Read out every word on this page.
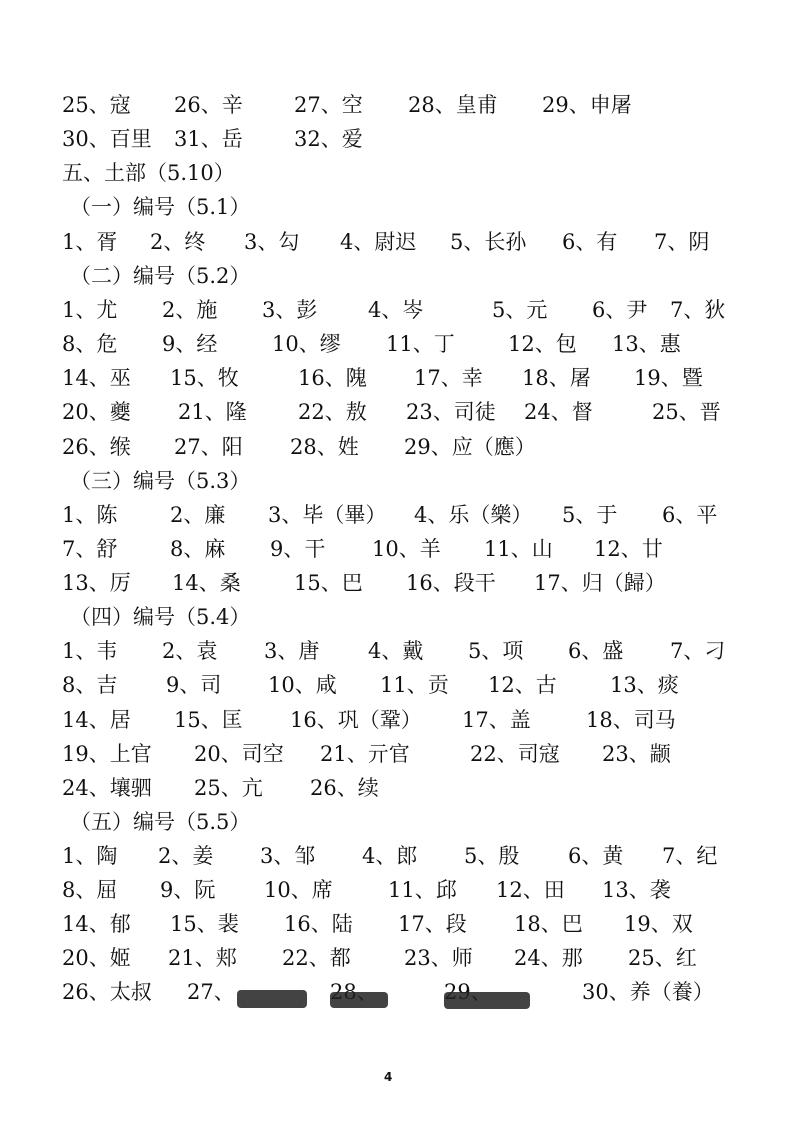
25、寇 26、辛 27、空 28、皇甫 29、申屠
30、百里 31、岳 32、爱
五、土部（5.10）
（一）编号（5.1）
1、胥 2、终 3、勾 4、尉迟 5、长孙 6、有 7、阴
（二）编号（5.2）
1、尤 2、施 3、彭 4、岑	5、元 6、尹 7、狄
8、危 9、经	10、缪 11、丁	12、包 13、惠
14、巫 15、牧	16、隗 17、幸 18、屠 19、暨
20、夔 21、隆 22、敖 23、司徒 24、督	25、晋
26、缑 27、阳 28、姓 29、应（應）
（三）编号（5.3）
1、陈	2、廉 3、毕（畢） 4、乐（樂） 5、于 6、平
7、舒	8、麻 9、干 10、羊 11、山 12、廿
13、厉 14、桑	15、巴 16、段干 17、归（歸）
（四）编号（5.4）
1、韦 2、袁 3、唐 4、戴 5、项 6、盛 7、刁
8、吉 9、司 10、咸 11、贡 12、古	13、痰
14、居 15、匡 16、巩（鞏） 17、盖	18、司马
19、上官 20、司空 21、亓官	22、司寇 23、颛
24、壤驷 25、亢 26、续
（五）编号（5.5）
1、陶 2、姜 3、邹 4、郎 5、殷 6、黄 7、纪
8、屈 9、阮 10、席	11、邱 12、田 13、袭
14、郁 15、裴 16、陆 17、段 18、巴 19、双
20、姬 21、郏 22、都	23、师 24、那 25、红
26、太叔 27、	30、养（養）
4
